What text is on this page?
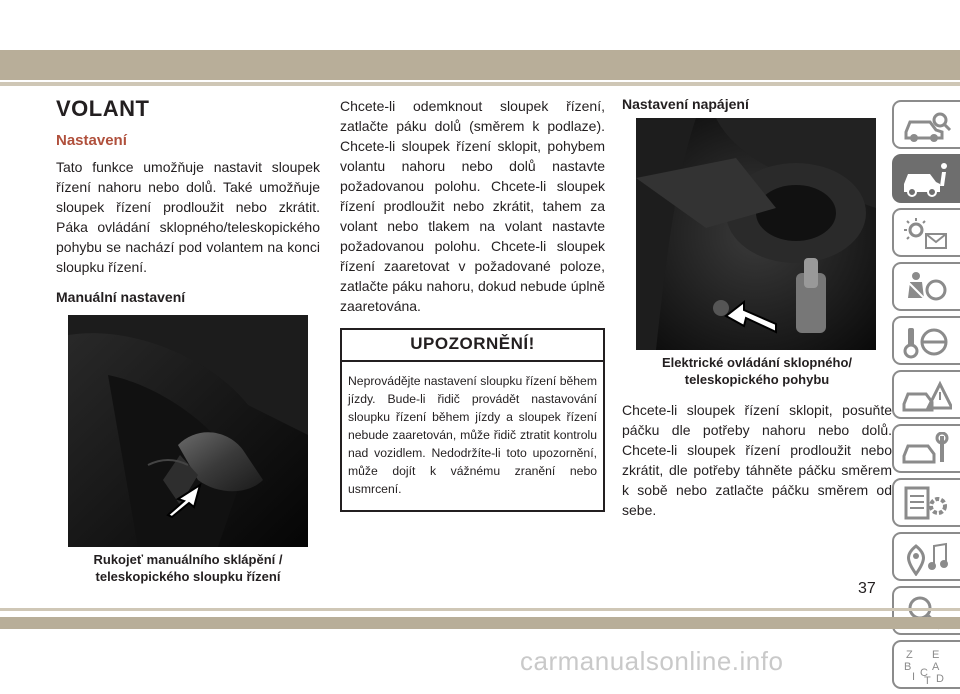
VOLANT
Nastavení

Tato funkce umožňuje nastavit sloupek řízení nahoru nebo dolů. Také umožňuje sloupek řízení prodloužit nebo zkrátit. Páka ovládání sklopného/teleskopického pohybu se nachází pod volantem na konci sloupku řízení.

Manuální nastavení
Rukojeť manuálního sklápění / teleskopického sloupku řízení

Chcete-li odemknout sloupek řízení, zatlačte páku dolů (směrem k podlaze). Chcete-li sloupek řízení sklopit, pohybem volantu nahoru nebo dolů nastavte požadovanou polohu. Chcete-li sloupek řízení prodloužit nebo zkrátit, tahem za volant nebo tlakem na volant nastavte požadovanou polohu. Chcete-li sloupek řízení zaaretovat v požadované poloze, zatlačte páku nahoru, dokud nebude úplně zaaretována.

UPOZORNĚNÍ!
Neprovádějte nastavení sloupku řízení během jízdy. Bude-li řidič provádět nastavování sloupku řízení během jízdy a sloupek řízení nebude zaaretován, může řidič ztratit kontrolu nad vozidlem. Nedodržíte-li toto upozornění, může dojít k vážnému zranění nebo usmrcení.
Nastavení napájení
Elektrické ovládání sklopného/ teleskopického pohybu

Chcete-li sloupek řízení sklopit, posuňte páčku dle potřeby nahoru nebo dolů. Chcete-li sloupek řízení prodloužit nebo zkrátit, dle potřeby táhněte páčku směrem k sobě nebo zatlačte páčku směrem od sebe.

Z E
B A
I C D
T
37
carmanualsonline.info
